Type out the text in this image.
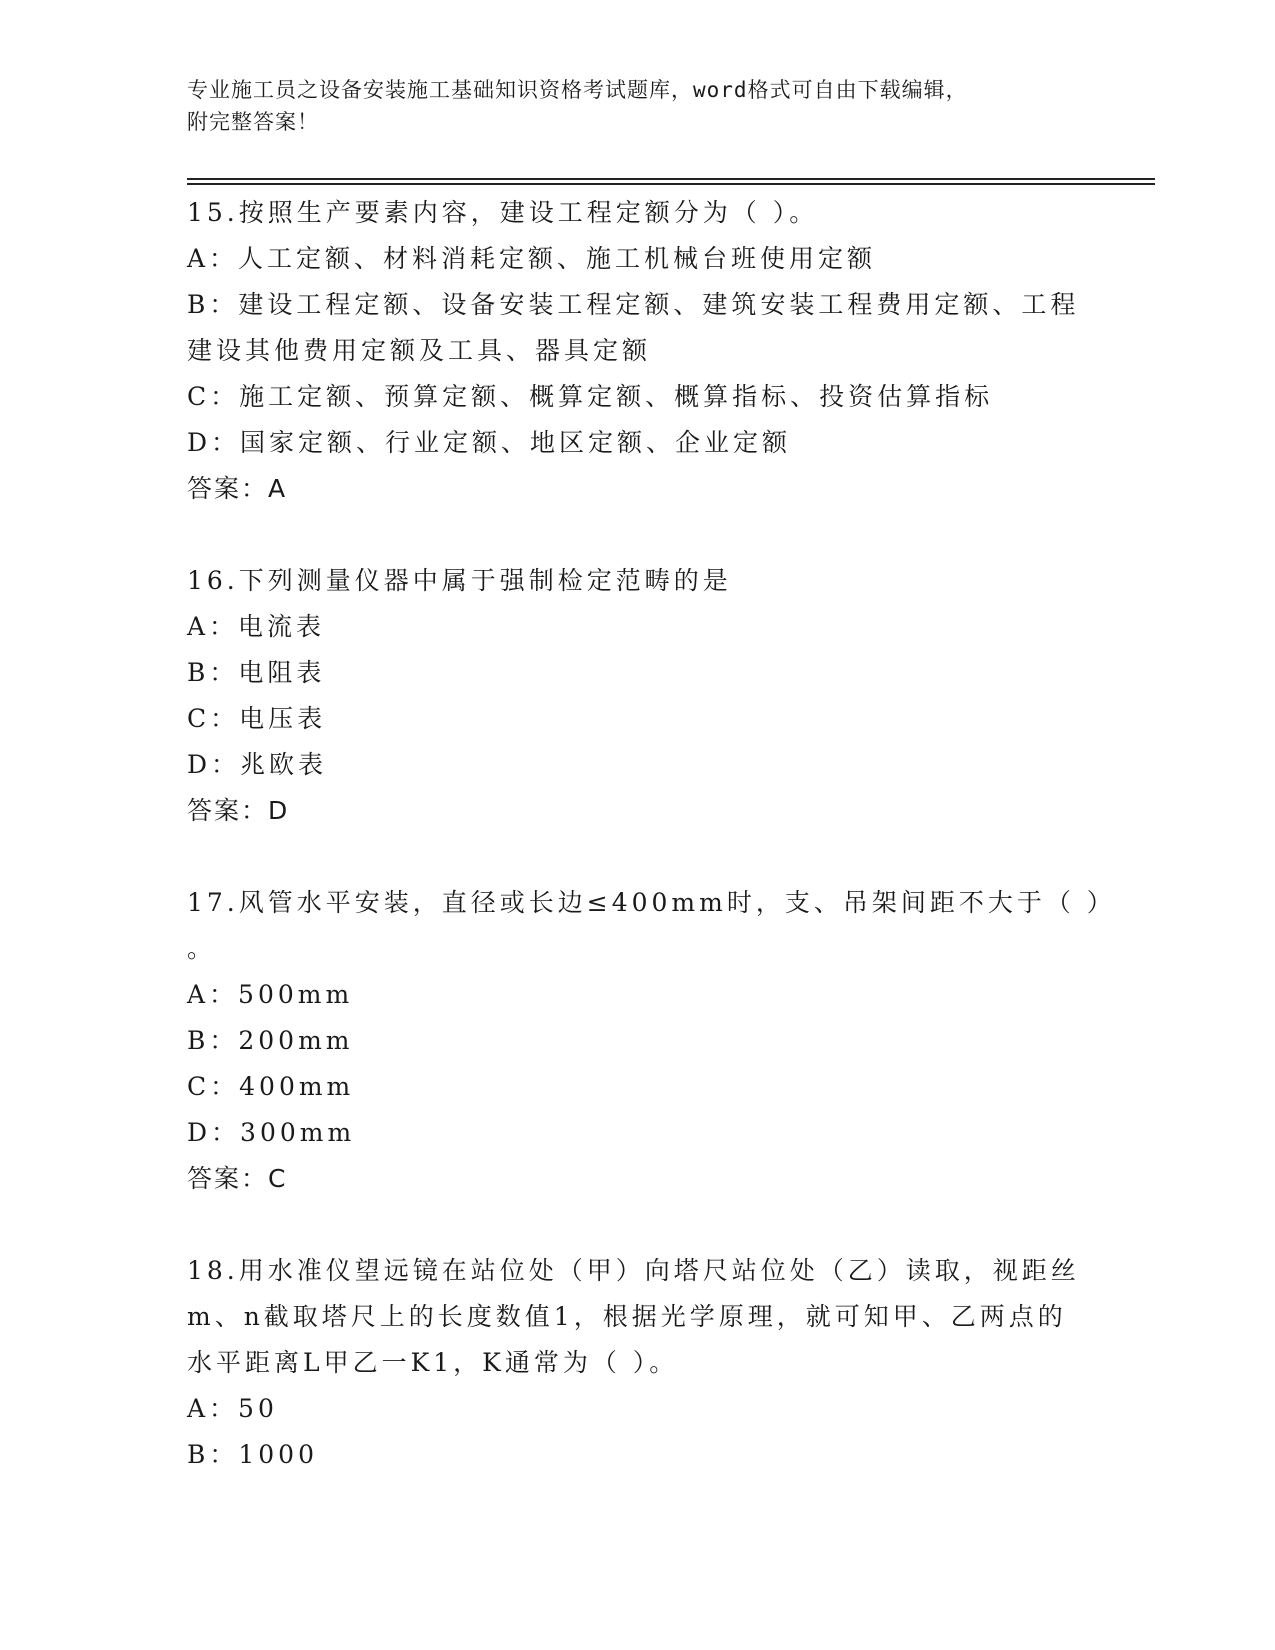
专业施工员之设备安装施工基础知识资格考试题库，word格式可自由下载编辑，
附完整答案！
15.按照生产要素内容，建设工程定额分为（ ）。
A：人工定额、材料消耗定额、施工机械台班使用定额
B：建设工程定额、设备安装工程定额、建筑安装工程费用定额、工程
建设其他费用定额及工具、器具定额
C：施工定额、预算定额、概算定额、概算指标、投资估算指标
D：国家定额、行业定额、地区定额、企业定额
答案：A
16.下列测量仪器中属于强制检定范畴的是
A：电流表
B：电阻表
C：电压表
D：兆欧表
答案：D
17.风管水平安装，直径或长边≤400mm时，支、吊架间距不大于（ ）
。
A：500mm
B：200mm
C：400mm
D：300mm
答案：C
18.用水准仪望远镜在站位处（甲）向塔尺站位处（乙）读取，视距丝
m、n截取塔尺上的长度数值1，根据光学原理，就可知甲、乙两点的
水平距离L甲乙一K1，K通常为（ ）。
A：50
B：1000
